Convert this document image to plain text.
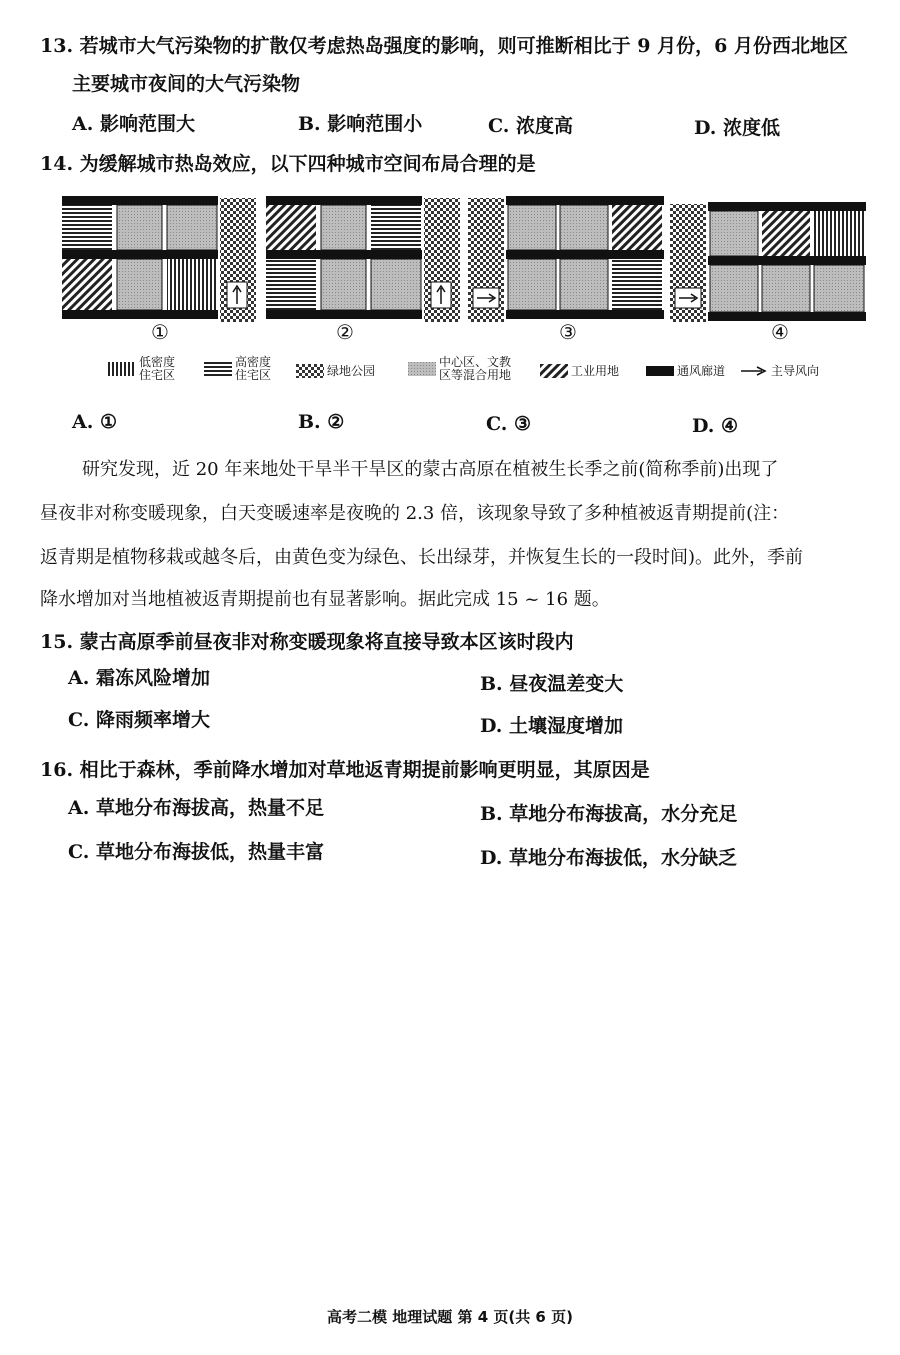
13. 若城市大气污染物的扩散仅考虑热岛强度的影响，则可推断相比于 9 月份，6 月份西北地区
主要城市夜间的大气污染物
A. 影响范围大	B. 影响范围小	C. 浓度高	D. 浓度低
14. 为缓解城市热岛效应，以下四种城市空间布局合理的是
①	②	③	④
低密度
住宅区
高密度
住宅区	绿地公园
中心区、文教
区等混合用地	工业用地	通风廊道	主导风向
A. ①	B. ②	C. ③	D. ④
研究发现，近 20 年来地处干旱半干旱区的蒙古高原在植被生长季之前(简称季前)出现了
昼夜非对称变暖现象，白天变暖速率是夜晚的 2.3 倍，该现象导致了多种植被返青期提前(注：
返青期是植物移栽或越冬后，由黄色变为绿色、长出绿芽，并恢复生长的一段时间)。此外，季前
降水增加对当地植被返青期提前也有显著影响。据此完成 15 ~ 16 题。
15. 蒙古高原季前昼夜非对称变暖现象将直接导致本区该时段内
A. 霜冻风险增加	B. 昼夜温差变大
C. 降雨频率增大	D. 土壤湿度增加
16. 相比于森林，季前降水增加对草地返青期提前影响更明显，其原因是
A. 草地分布海拔高，热量不足	B. 草地分布海拔高，水分充足
C. 草地分布海拔低，热量丰富	D. 草地分布海拔低，水分缺乏
高考二模 地理试题 第 4 页(共 6 页)
